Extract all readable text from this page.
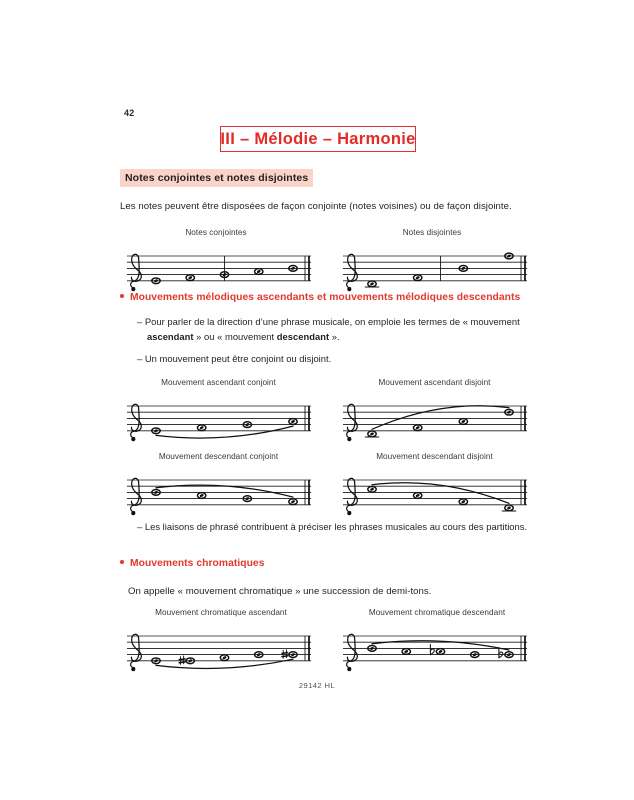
42
III – Mélodie – Harmonie
Notes conjointes et notes disjointes
Les notes peuvent être disposées de façon conjointe (notes voisines) ou de façon disjointe.
Notes conjointes	Notes disjointes
Mouvements mélodiques ascendants et mouvements mélodiques descendants
– Pour parler de la direction d’une phrase musicale, on emploie les termes de « mouvement
ascendant » ou « mouvement descendant ».
– Un mouvement peut être conjoint ou disjoint.
Mouvement ascendant conjoint	Mouvement ascendant disjoint
Mouvement descendant conjoint	Mouvement descendant disjoint
– Les liaisons de phrasé contribuent à préciser les phrases musicales au cours des partitions.
Mouvements chromatiques
On appelle « mouvement chromatique » une succession de demi-tons.
Mouvement chromatique ascendant	Mouvement chromatique descendant
29142 HL
